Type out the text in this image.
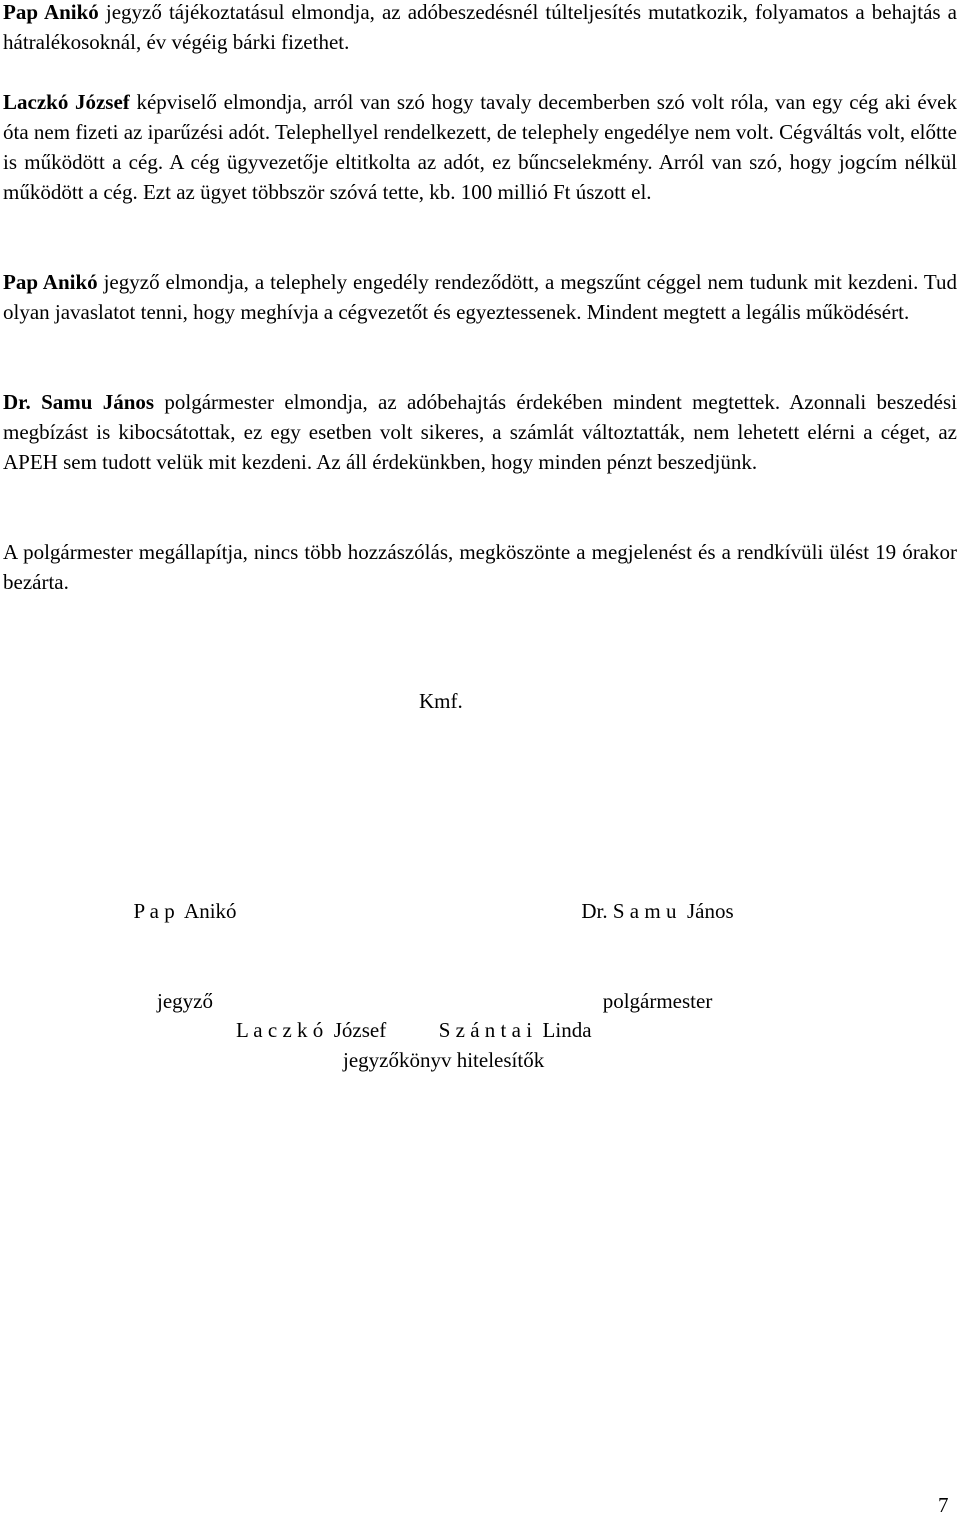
Pap Anikó jegyző tájékoztatásul elmondja, az adóbeszedésnél túlteljesítés mutatkozik, folyamatos a behajtás a hátralékosoknál, év végéig bárki fizethet.

Laczkó József képviselő elmondja, arról van szó hogy tavaly decemberben szó volt róla, van egy cég aki évek óta nem fizeti az iparűzési adót. Telephellyel rendelkezett, de telephely engedélye nem volt. Cégváltás volt, előtte is működött a cég. A cég ügyvezetője eltitkolta az adót, ez bűncselekmény. Arról van szó, hogy jogcím nélkül működött a cég. Ezt az ügyet többször szóvá tette, kb. 100 millió Ft úszott el.

Pap Anikó jegyző elmondja, a telephely engedély rendeződött, a megszűnt céggel nem tudunk mit kezdeni. Tud olyan javaslatot tenni, hogy meghívja a cégvezetőt és egyeztessenek. Mindent megtett a legális működésért.

Dr. Samu János polgármester elmondja, az adóbehajtás érdekében mindent megtettek. Azonnali beszedési megbízást is kibocsátottak, ez egy esetben volt sikeres, a számlát változtatták, nem lehetett elérni a céget, az APEH sem tudott velük mit kezdeni. Az áll érdekünkben, hogy minden pénzt beszedjünk.

A polgármester megállapítja, nincs több hozzászólás, megköszönte a megjelenést és a rendkívüli ülést 19 órakor bezárta.

Kmf.

P a p  Anikó

jegyző

Dr. S a m u  János

polgármester

L a c z k ó  József          S z á n t a i  Linda
jegyzőkönyv hitelesítők
7
